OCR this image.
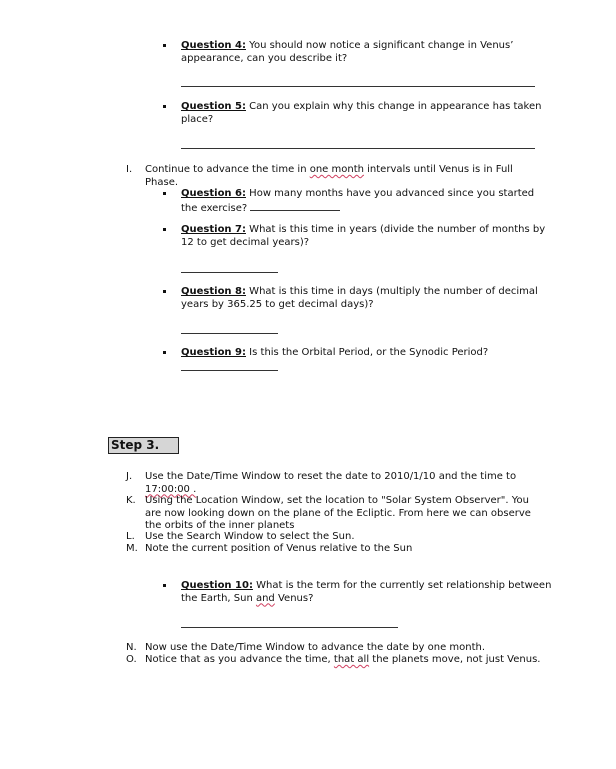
Question 4: You should now notice a significant change in Venus’ appearance, can you describe it?
Question 5: Can you explain why this change in appearance has taken place?
I.	Continue to advance the time in one month intervals until Venus is in Full Phase.
Question 6: How many months have you advanced since you started the exercise?
Question 7: What is this time in years (divide the number of months by 12 to get decimal years)?
Question 8: What is this time in days (multiply the number of decimal years by 365.25 to get decimal days)?
Question 9: Is this the Orbital Period, or the Synodic Period?
Step 3.
J.	Use the Date/Time Window to reset the date to 2010/1/10 and the time to 17:00:00 .
K. Using the Location Window, set the location to "Solar System Observer". You are now looking down on the plane of the Ecliptic. From here we can observe the orbits of the inner planets
L.	Use the Search Window to select the Sun.
M. Note the current position of Venus relative to the Sun
Question 10: What is the term for the currently set relationship between the Earth, Sun and Venus?
N. Now use the Date/Time Window to advance the date by one month.
O. Notice that as you advance the time, that all the planets move, not just Venus.
